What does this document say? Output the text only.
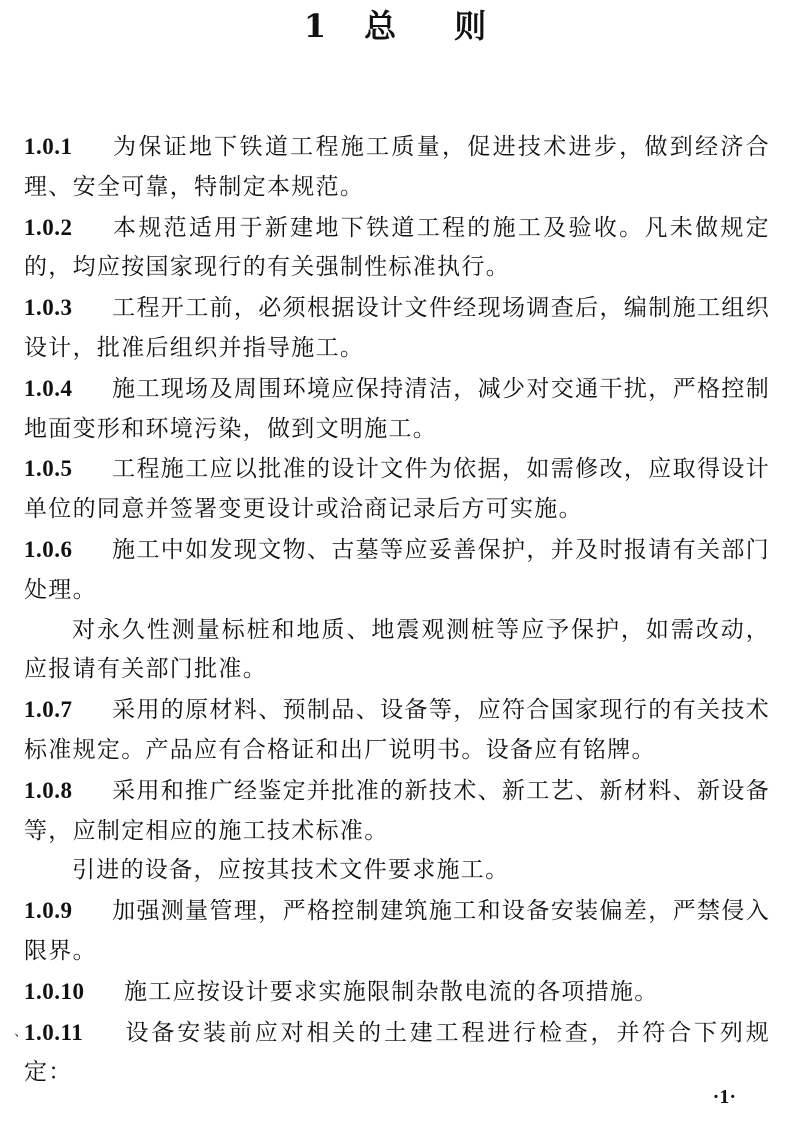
1 总 则

1.0.1 为保证地下铁道工程施工质量，促进技术进步，做到经济合理、安全可靠，特制定本规范。

1.0.2 本规范适用于新建地下铁道工程的施工及验收。凡未做规定的，均应按国家现行的有关强制性标准执行。

1.0.3 工程开工前，必须根据设计文件经现场调查后，编制施工组织设计，批准后组织并指导施工。

1.0.4 施工现场及周围环境应保持清洁，减少对交通干扰，严格控制地面变形和环境污染，做到文明施工。

1.0.5 工程施工应以批准的设计文件为依据，如需修改，应取得设计单位的同意并签署变更设计或洽商记录后方可实施。

1.0.6 施工中如发现文物、古墓等应妥善保护，并及时报请有关部门处理。

对永久性测量标桩和地质、地震观测桩等应予保护，如需改动，应报请有关部门批准。

1.0.7 采用的原材料、预制品、设备等，应符合国家现行的有关技术标准规定。产品应有合格证和出厂说明书。设备应有铭牌。

1.0.8 采用和推广经鉴定并批准的新技术、新工艺、新材料、新设备等，应制定相应的施工技术标准。

引进的设备，应按其技术文件要求施工。

1.0.9 加强测量管理，严格控制建筑施工和设备安装偏差，严禁侵入限界。

1.0.10 施工应按设计要求实施限制杂散电流的各项措施。

1.0.11 设备安装前应对相关的土建工程进行检查，并符合下列规定：

、
·1·
